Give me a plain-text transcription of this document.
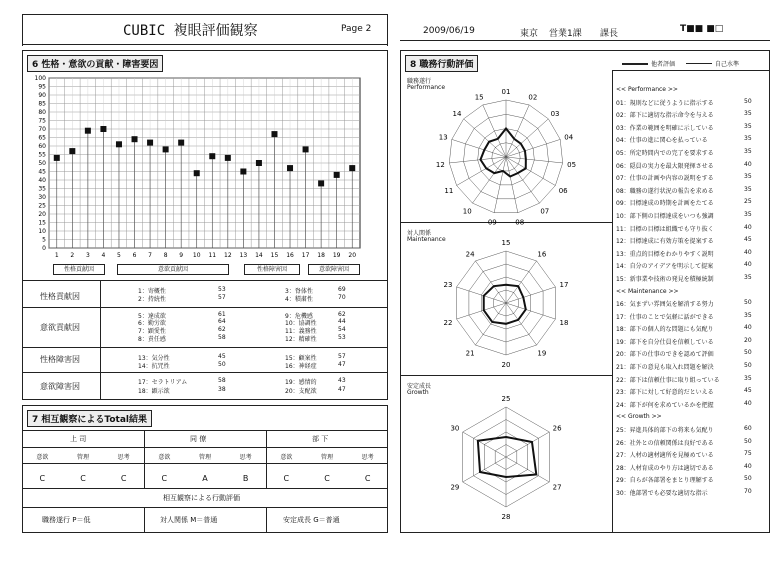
CUBIC 複眼評価観察	Page 2	2009/06/19	東京 営業1課 課長	T■■ ■□
6 性格・意欲の貢献・障害要因
0
5
10
15
20
25
30
35
40
45
50
55
60
65
70
75
80
85
90
95
100
1 2 3 4 5 6 7 8 9 10 11 12 13 14 15 16 17 18 19 20
性格貢献因	意欲貢献因	性格障害因	意欲障害因
性格貢献因
意欲貢献因
性格障害因
意欲障害因
1：寄概性	53
2：持続性	57
3：脊体性	69
4：積粛性	70
5：達成欲	61
6：勤労欲	64
7：顕愛性	62
8：責任感	58
9：危機感	62
10：協調性	44
11：義務性	54
12：精確性	53
13：気分性	45
14：抗咒性	50
15：顧案性	57
16：神経症	47
17：セラトリアム	58
18：顕示欲	38
19：感情的	43
20：支配欲	47
7 相互観察によるTotal結果
上 司	同 僚	部 下
意欲	管理	思考	意欲	管理	思考	意欲	管理	思考
C	C	C	C	A	B	C	C	C
相互観察による行動評価
職務遂行 P＝低	対人関係 M＝普通	安定成長 G＝普通
8 職務行動評価	他者評価	自己水準
職務遂行
Performance
対人関係
Maintenance
安定成長
Growth
01
02
03
04
05
06
07
08
09
10
11
12
13
14
15
15
16
17
18
19
20
21
22
23
24
25
26
27
28
29
30
<< Performance >>
01：規則などに従うように指示する	50
02：部下に適切な指示命令を与える	35
03：作業の範囲を明確に示している	35
04：仕事の進に関心を払っている	35
05：所定時間内での完了を要求する	35
06：隠員の実力を最大限発揮させる	40
07：仕事の計画や内容の説明をする	35
08：職務の遂行状況の報告を求める	35
09：目標達成の時期を計画をたてる	25
10：部下側の目標達成をいつも強調	35
11：目標の目標は組織でも守り抜く	40
12：目標達成に有効方策を提案する	45
13：重点的目標をわかりやすく説明	40
14：自分のアイデアを明示して提案	40
15：新事業や技術の発見を積極統制	35
<< Maintenance >>
16：気まずい雰囲気を解消する努力	50
17：仕事のことで気軽に話ができる	35
18：部下の個人的な問題にも気配り	40
19：部下を自分仕員を信頼している	20
20：部下の仕事のできを認めて評価	50
21：部下の意見も取入れ問題を解決	50
22：部下は信頼仕事に取り組っている	35
23：部下に対して好意的だといえる	45
24：部下が何を求めているかを把握	40
<< Growth >>
25：昇進具体的部下の将来も気配り	60
26：社外との信頼関係は良好である	50
27：人材の適材適所を見極めている	75
28：人材育成のやり方は適切である	40
29：自らが各部署をまとり理解する	50
30：他部署でも必要な適切な指示	70
